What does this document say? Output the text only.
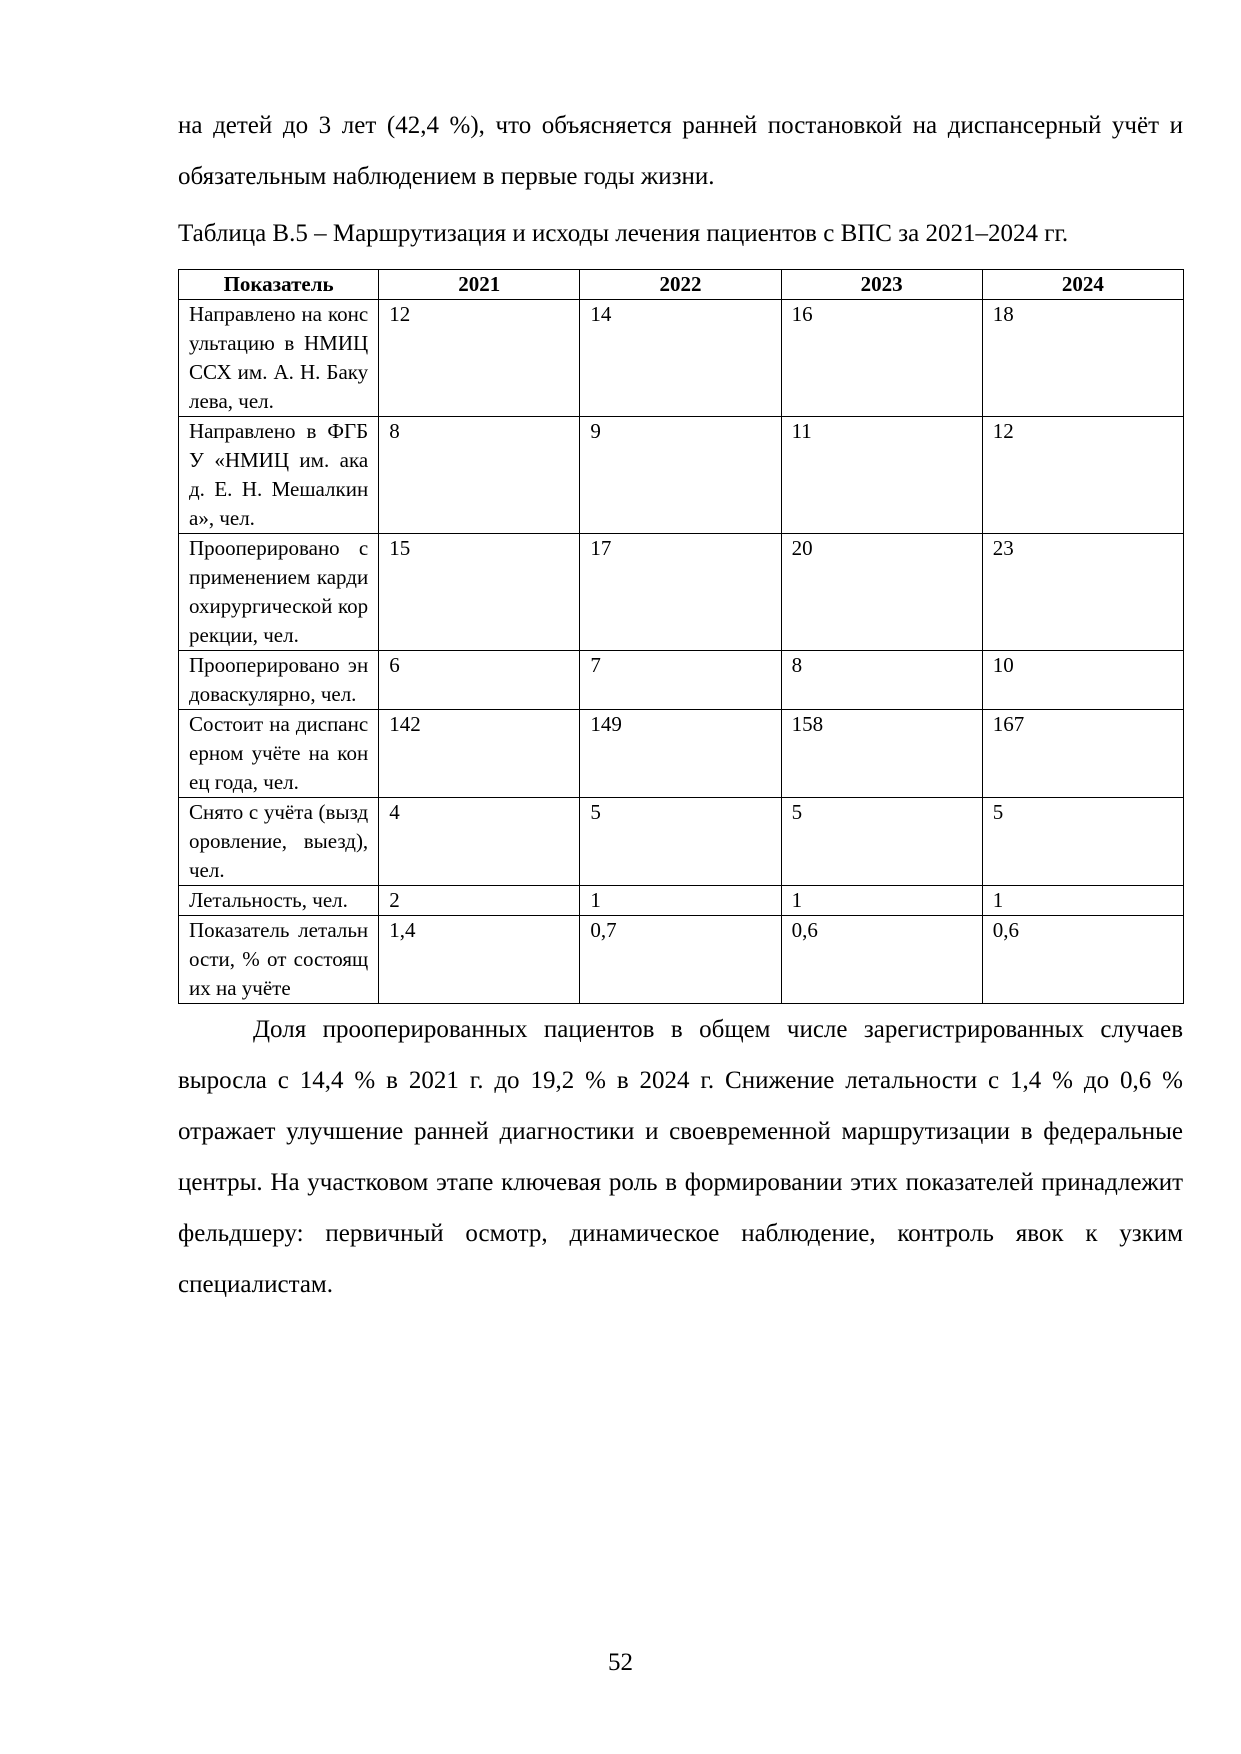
на детей до 3 лет (42,4 %), что объясняется ранней постановкой на диспансерный учёт и обязательным наблюдением в первые годы жизни.

Таблица В.5 – Маршрутизация и исходы лечения пациентов с ВПС за 2021–2024 гг.

Показатель	2021	2022	2023	2024
Направлено на консультацию в НМИЦ ССХ им. А. Н. Бакулева, чел.	12	14	16	18
Направлено в ФГБУ «НМИЦ им. акад. Е. Н. Мешалкина», чел.	8	9	11	12
Прооперировано с применением кардиохирургической коррекции, чел.	15	17	20	23
Прооперировано эндоваскулярно, чел.	6	7	8	10
Состоит на диспансерном учёте на конец года, чел.	142	149	158	167
Снято с учёта (выздоровление, выезд), чел.	4	5	5	5
Летальность, чел.	2	1	1	1
Показатель летальности, % от состоящих на учёте	1,4	0,7	0,6	0,6

Доля прооперированных пациентов в общем числе зарегистрированных случаев выросла с 14,4 % в 2021 г. до 19,2 % в 2024 г. Снижение летальности с 1,4 % до 0,6 % отражает улучшение ранней диагностики и своевременной маршрутизации в федеральные центры. На участковом этапе ключевая роль в формировании этих показателей принадлежит фельдшеру: первичный осмотр, динамическое наблюдение, контроль явок к узким специалистам.

52
